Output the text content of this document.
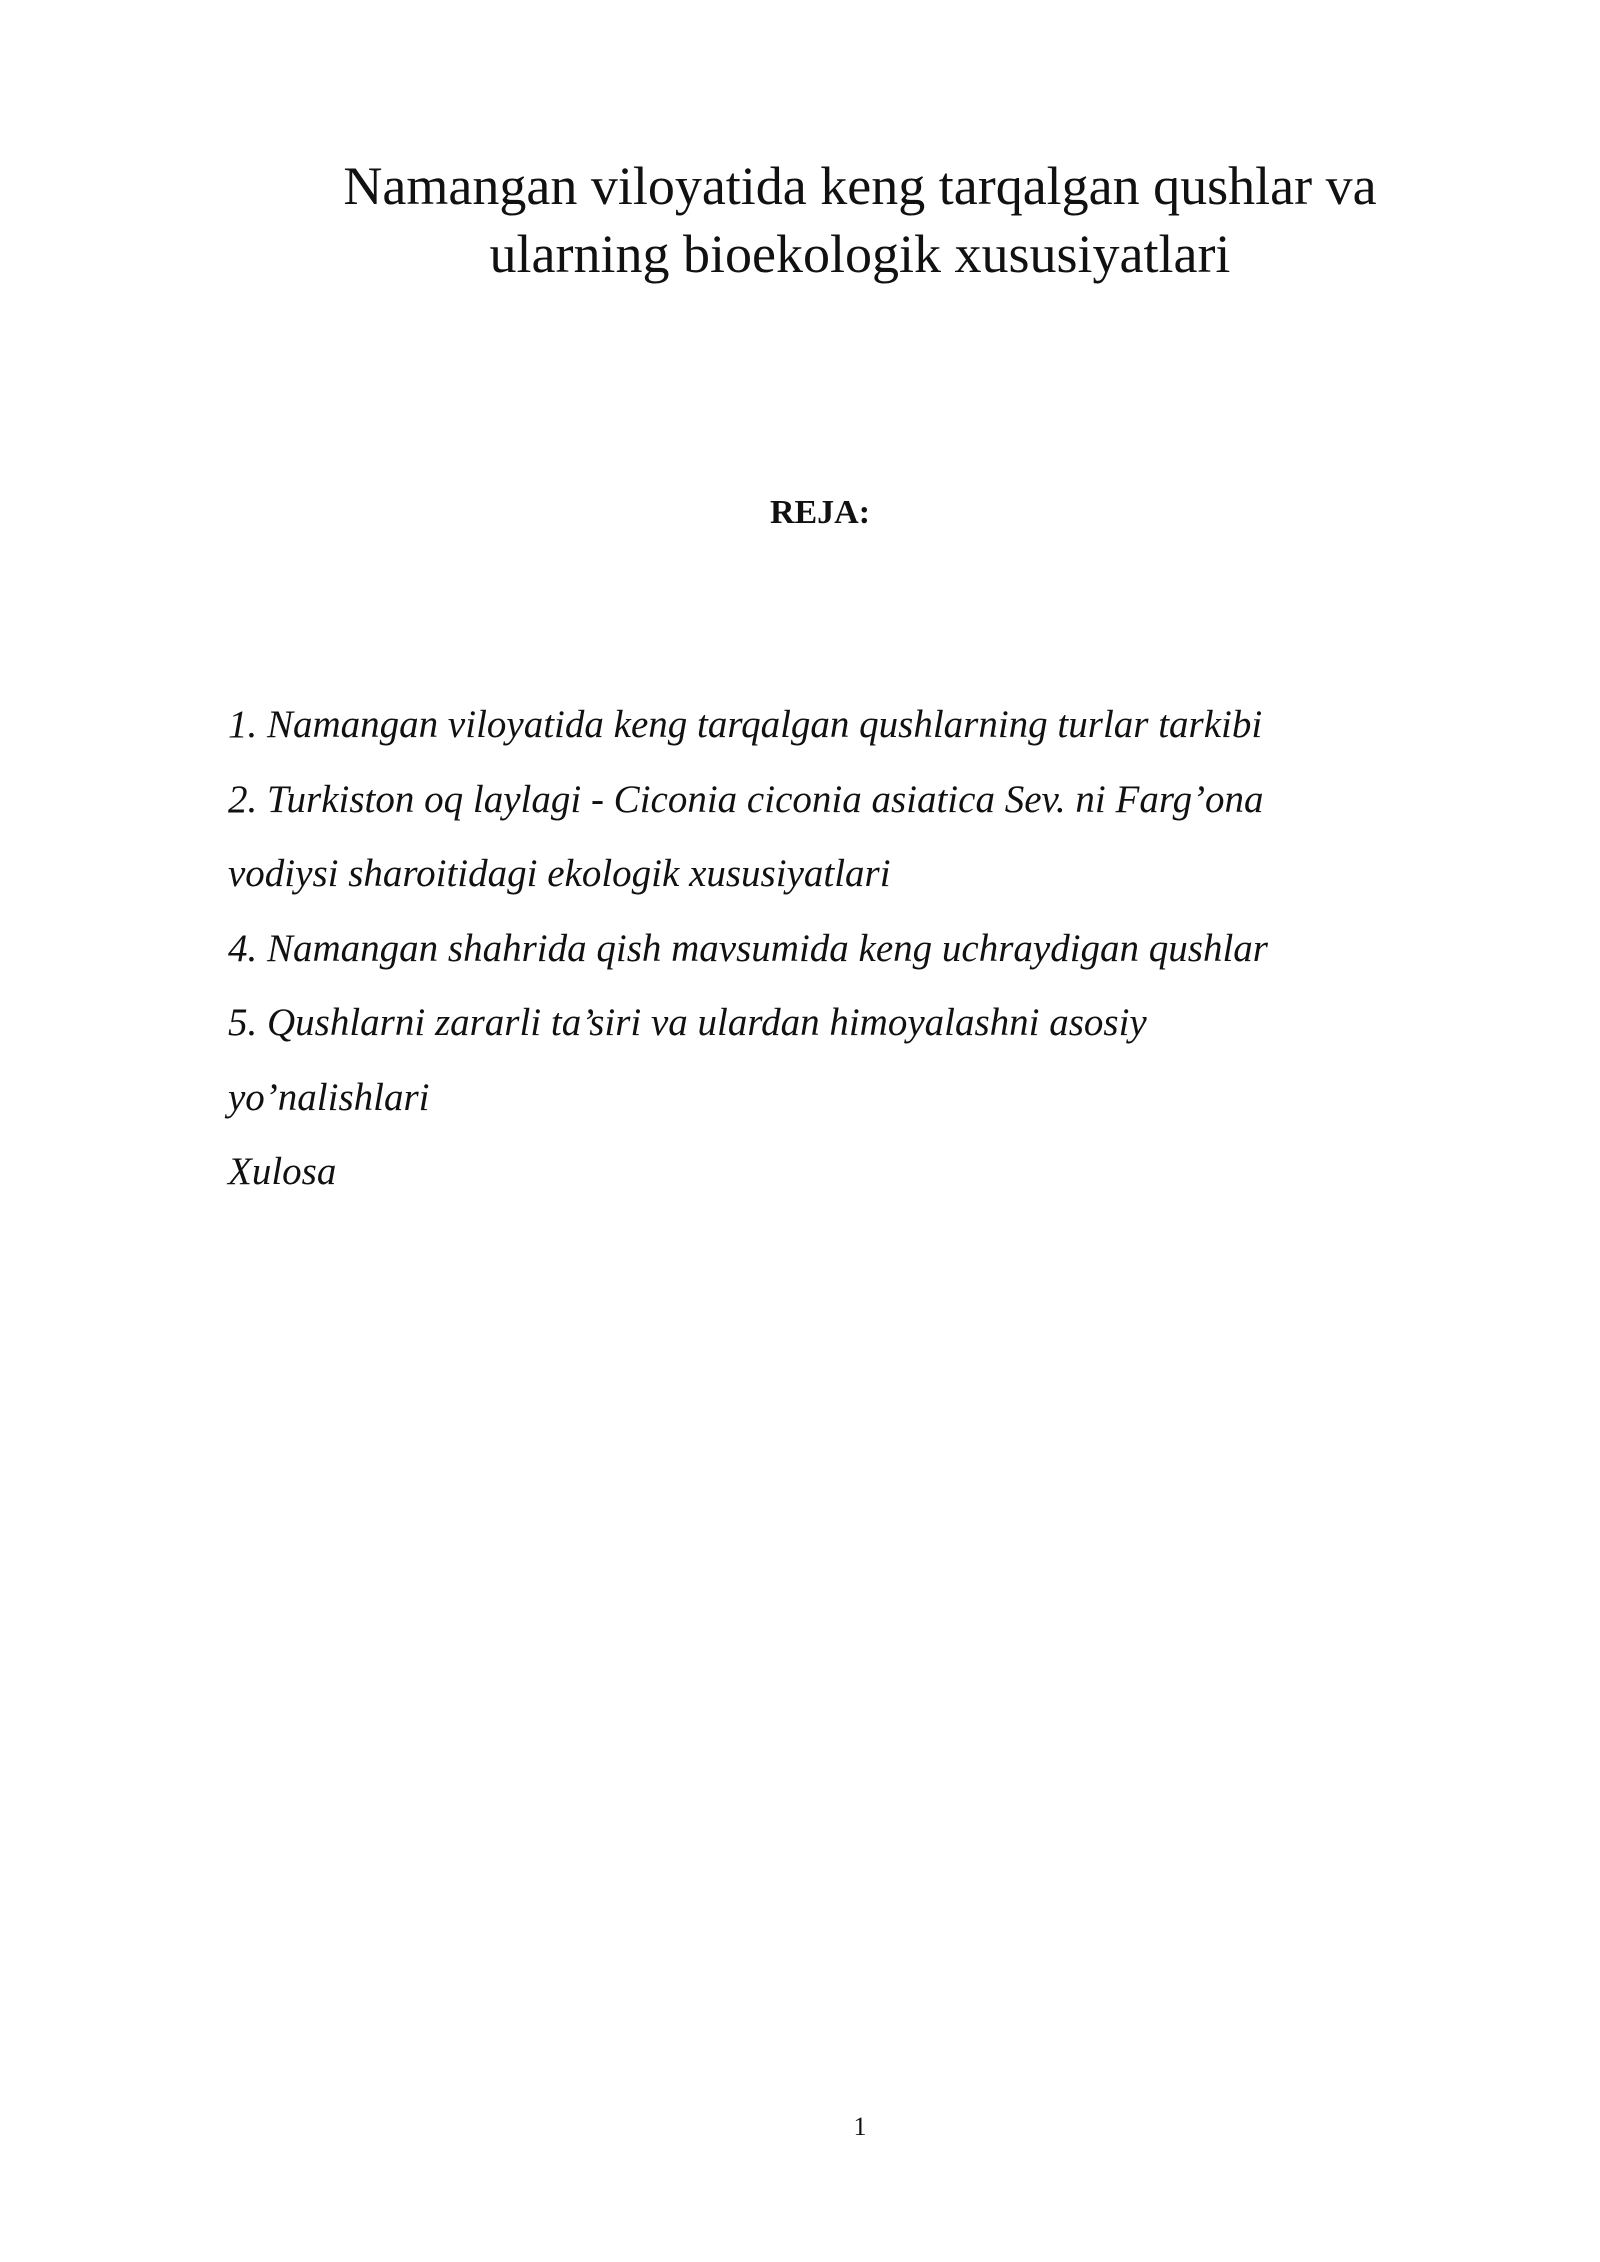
Namangan viloyatida keng tarqalgan qushlar va
ularning bioekologik xususiyatlari
REJA:
1. Namangan viloyatida keng tarqalgan qushlarning turlar tarkibi
2. Turkiston oq laylagi - Ciconia ciconia asiatica Sev. ni Farg’ona
vodiysi sharoitidagi ekologik xususiyatlari
4. Namangan shahrida qish mavsumida keng uchraydigan qushlar
5. Qushlarni zararli ta’siri va ulardan himoyalashni asosiy
yo’nalishlari
Xulosa
1
